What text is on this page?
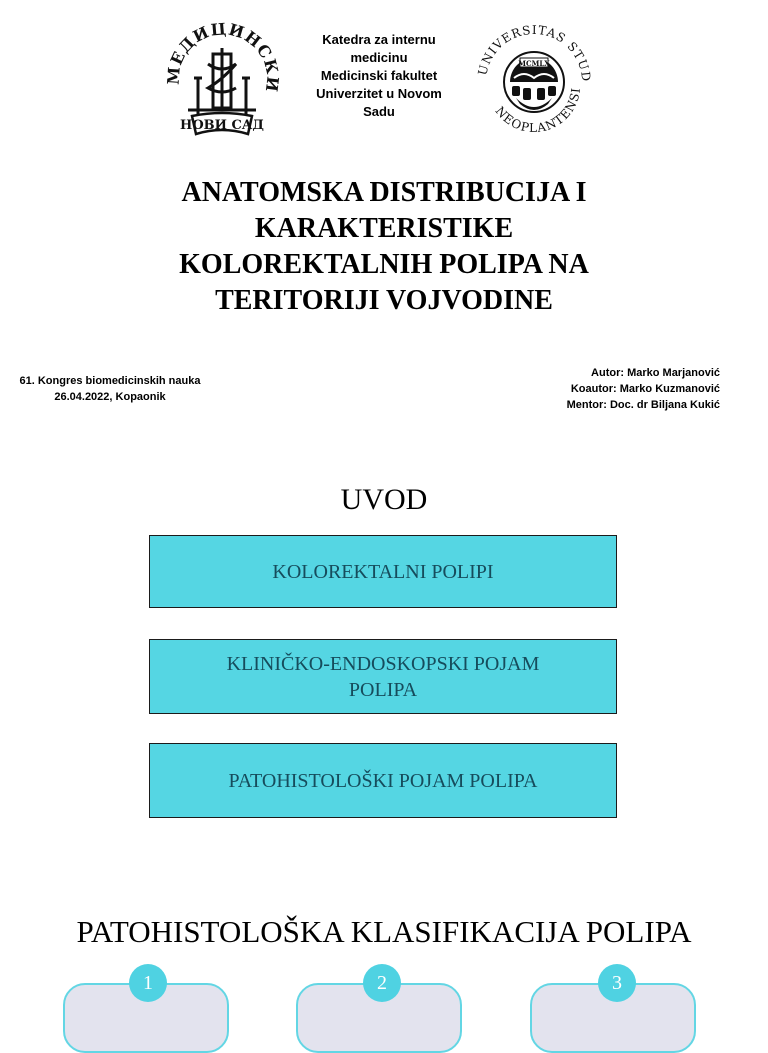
МЕДИЦИНСКИ
НОВИ САД
Katedra za internu
medicinu
Medicinski fakultet
Univerzitet u Novom
Sadu
UNIVERSITAS STUD
NEOPLANTENSI
MCMLX
ANATOMSKA DISTRIBUCIJA I
KARAKTERISTIKE
KOLOREKTALNIH POLIPA NA
TERITORIJI VOJVODINE
61. Kongres biomedicinskih nauka
26.04.2022, Kopaonik
Autor: Marko Marjanović
Koautor: Marko Kuzmanović
Mentor: Doc. dr Biljana Kukić
UVOD
KOLOREKTALNI POLIPI
KLINIČKO-ENDOSKOPSKI POJAM POLIPA
PATOHISTOLOŠKI POJAM POLIPA
PATOHISTOLOŠKA KLASIFIKACIJA POLIPA
1	2	3
